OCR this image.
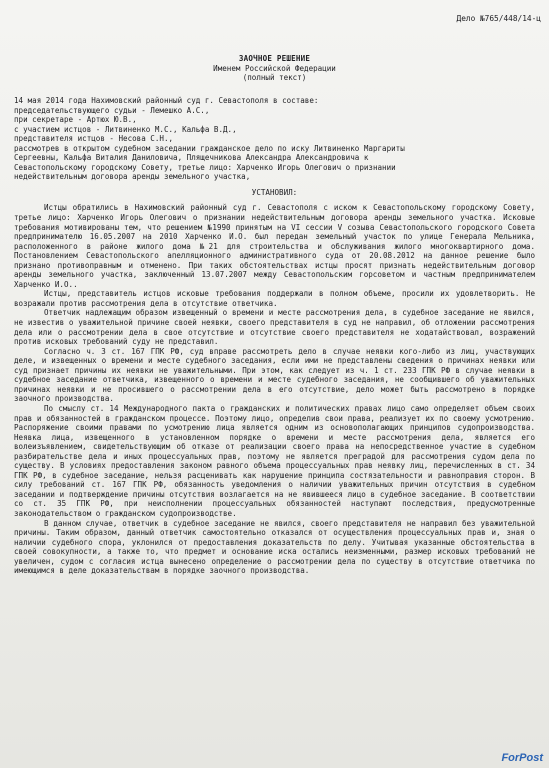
Дело №765/448/14-ц
ЗАОЧНОЕ РЕШЕНИЕ
Именем Российской Федерации
(полный текст)
14 мая 2014 года Нахимовский районный суд г. Севастополя в составе:
председательствующего судьи - Лемешко А.С.,
при секретаре - Артюх Ю.В.,
с участием истцов - Литвиненко М.С., Кальфа В.Д.,
представителя истцов - Несова С.Н.,
рассмотрев в открытом судебном заседании гражданское дело по иску Литвиненко Маргариты
Сергеевны, Кальфа Виталия Даниловича, Плящечникова Александра Александровича к
Севастопольскому городскому Совету, третье лицо: Харченко Игорь Олегович о признании
недействительным договора аренды земельного участка,
УСТАНОВИЛ:
Истцы обратились в Нахимовский районный суд г. Севастополя с иском к Севастопольскому городскому Совету, третье лицо: Харченко Игорь Олегович о признании недействительным договора аренды земельного участка. Исковые требования мотивированы тем, что решением №1990 принятым на VI сессии V созыва Севастопольского городского Совета предпринимателю 16.05.2007 на 2010 Харченко И.О. был передан земельный участок по улице Генерала Мельника, расположенного в районе жилого дома №21 для строительства и обслуживания жилого многоквартирного дома. Постановлением Севастопольского апелляционного административного суда от 20.08.2012 на данное решение было признано противоправным и отменено. При таких обстоятельствах истцы просят признать недействительным договор аренды земельного участка, заключенный 13.07.2007 между Севастопольским горсоветом и частным предпринимателем Харченко И.О..
Истцы, представитель истцов исковые требования поддержали в полном объеме, просили их удовлетворить. Не возражали против рассмотрения дела в отсутствие ответчика.
Ответчик надлежащим образом извещенный о времени и месте рассмотрения дела, в судебное заседание не явился, не известив о уважительной причине своей неявки, своего представителя в суд не направил, об отложении рассмотрения дела или о рассмотрении дела в свое отсутствие и отсутствие своего представителя не ходатайствовал, возражений против исковых требований суду не представил.
Согласно ч. 3 ст. 167 ГПК РФ, суд вправе рассмотреть дело в случае неявки кого-либо из лиц, участвующих деле, и извещенных о времени и месте судебного заседания, если ими не представлены сведения о причинах неявки или суд признает причины их неявки не уважительными. При этом, как следует из ч. 1 ст. 233 ГПК РФ в случае неявки в судебное заседание ответчика, извещенного о времени и месте судебного заседания, не сообщившего об уважительных причинах неявки и не просившего о рассмотрении дела в его отсутствие, дело может быть рассмотрено в порядке заочного производства.
По смыслу ст. 14 Международного пакта о гражданских и политических правах лицо само определяет объем своих прав и обязанностей в гражданском процессе. Поэтому лицо, определив свои права, реализует их по своему усмотрению. Распоряжение своими правами по усмотрению лица является одним из основополагающих принципов судопроизводства. Неявка лица, извещенного в установленном порядке о времени и месте рассмотрения дела, является его волеизъявлением, свидетельствующим об отказе от реализации своего права на непосредственное участие в судебном разбирательстве дела и иных процессуальных прав, поэтому не является преградой для рассмотрения судом дела по существу. В условиях предоставления законом равного объема процессуальных прав неявку лиц, перечисленных в ст. 34 ГПК РФ, в судебное заседание, нельзя расценивать как нарушение принципа состязательности и равноправия сторон. В силу требований ст. 167 ГПК РФ, обязанность уведомления о наличии уважительных причин отсутствия в судебном заседании и подтверждение причины отсутствия возлагается на не явившееся лицо в судебное заседание. В соответствии со ст. 35 ГПК РФ, при неисполнении процессуальных обязанностей наступают последствия, предусмотренные законодательством о гражданском судопроизводстве.
В данном случае, ответчик в судебное заседание не явился, своего представителя не направил без уважительной причины. Таким образом, данный ответчик самостоятельно отказался от осуществления процессуальных прав и, зная о наличии судебного спора, уклонился от предоставления доказательств по делу. Учитывая указанные обстоятельства в своей совокупности, а также то, что предмет и основание иска остались неизменными, размер исковых требований не увеличен, судом с согласия истца вынесено определение о рассмотрении дела по существу в отсутствие ответчика по имеющимся в деле доказательствам в порядке заочного производства.
ForPost
